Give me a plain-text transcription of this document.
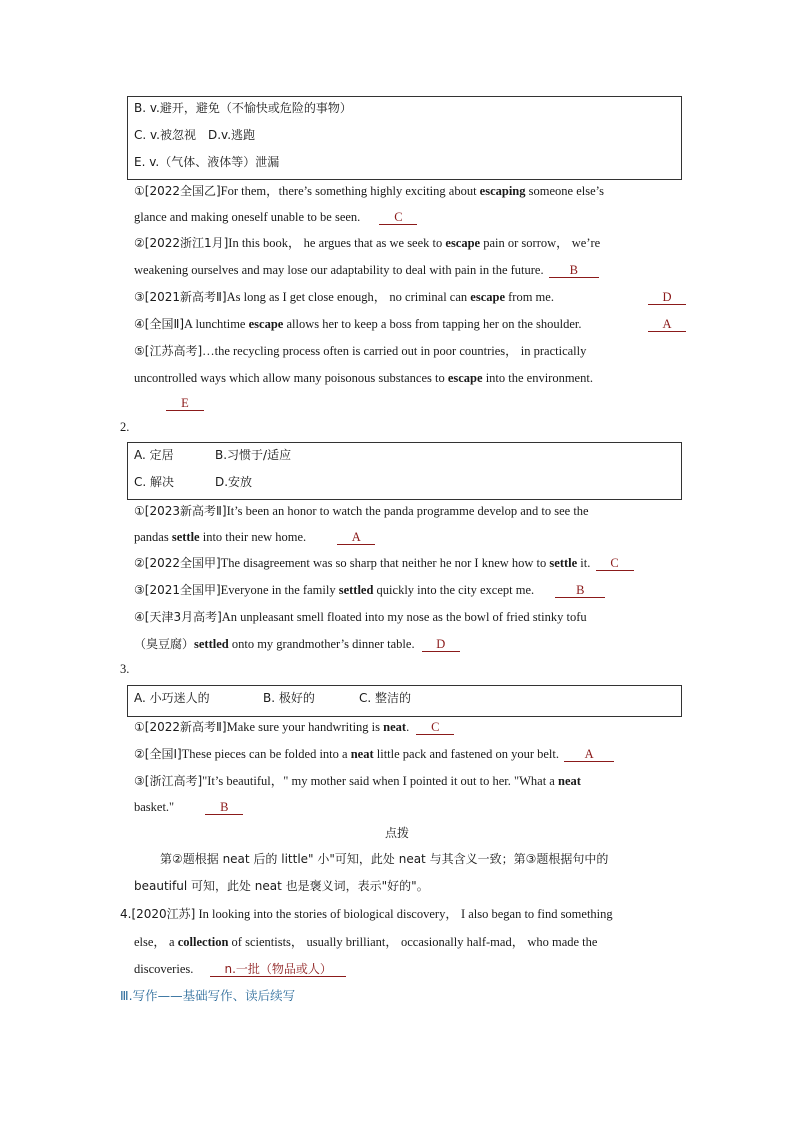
B. v.避开，避免（不愉快或危险的事物）
C. v.被忽视　D.v.逃跑
E. v.（气体、液体等）泄漏
①[2022全国乙]For them，there’s something highly exciting about escaping someone else’s
glance and making oneself unable to be seen.	C
②[2022浙江1月]In this book， he argues that as we seek to escape pain or sorrow， we’re
weakening ourselves and may lose our adaptability to deal with pain in the future. B
③[2021新高考Ⅱ]As long as I get close enough， no criminal can escape from me.	D
④[全国Ⅱ]A lunchtime escape allows her to keep a boss from tapping her on the shoulder.	A
⑤[江苏高考]…the recycling process often is carried out in poor countries， in practically
uncontrolled ways which allow many poisonous substances to escape into the environment.
E
2.
A. 定居	B.习惯于/适应
C. 解决	D.安放
①[2023新高考Ⅱ]It’s been an honor to watch the panda programme develop and to see the
pandas settle into their new home.	A
②[2022全国甲]The disagreement was so sharp that neither he nor I knew how to settle it. C
③[2021全国甲]Everyone in the family settled quickly into the city except me.	B
④[天津3月高考]An unpleasant smell floated into my nose as the bowl of fried stinky tofu
（臭豆腐）settled onto my grandmother’s dinner table. D
3.
A. 小巧迷人的	B. 极好的	C. 整洁的
①[2022新高考Ⅱ]Make sure your handwriting is neat. C
②[全国Ⅰ]These pieces can be folded into a neat little pack and fastened on your belt. A
③[浙江高考]"It’s beautiful，" my mother said when I pointed it out to her. "What a neat
basket."	B
点拨
第②题根据 neat 后的 little" 小"可知，此处 neat 与其含义一致；第③题根据句中的
beautiful 可知，此处 neat 也是褒义词，表示"好的"。
4.[2020江苏] In looking into the stories of biological discovery， I also began to find something
else， a collection of scientists， usually brilliant， occasionally half-mad， who made the
discoveries.	n.一批（物品或人）
Ⅲ.写作——基础写作、读后续写
